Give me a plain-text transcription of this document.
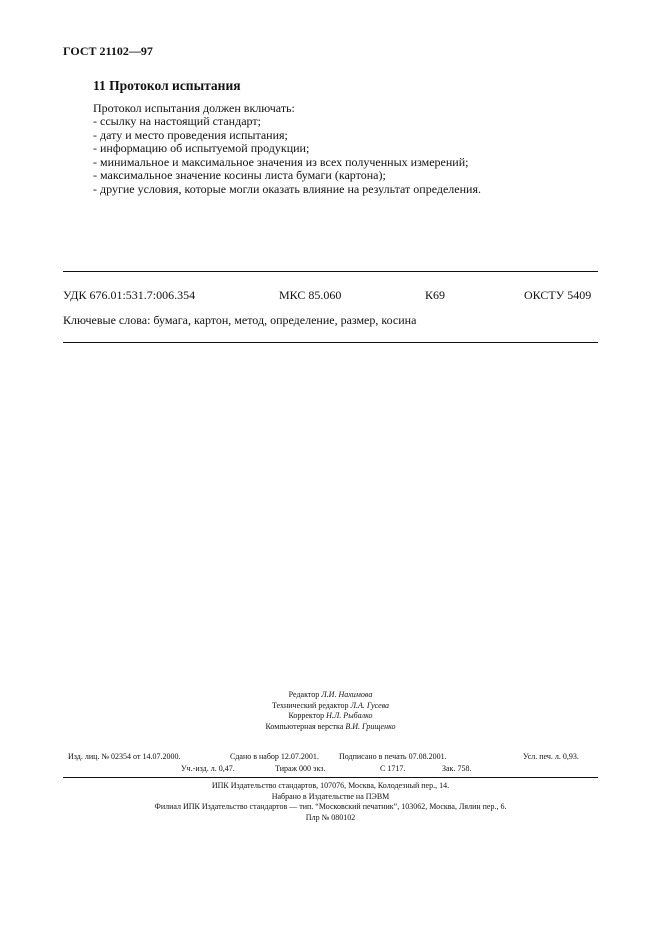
ГОСТ 21102—97
11 Протокол испытания
Протокол испытания должен включать:
- ссылку на настоящий стандарт;
- дату и место проведения испытания;
- информацию об испытуемой продукции;
- минимальное и максимальное значения из всех полученных измерений;
- максимальное значение косины листа бумаги (картона);
- другие условия, которые могли оказать влияние на результат определения.
УДК 676.01:531.7:006.354	МКС 85.060	К69	ОКСТУ 5409
Ключевые слова: бумага, картон, метод, определение, размер, косина
Редактор Л.И. Нахимова
Технический редактор Л.А. Гусева
Корректор Н.Л. Рыбалко
Компьютерная верстка В.И. Грищенко
Изд. лиц. № 02354 от 14.07.2000.	Сдано в набор 12.07.2001.	Подписано в печать 07.08.2001.	Усл. печ. л. 0,93.
Уч.-изд. л. 0,47.	Тираж 000 экз.	С 1717.	Зак. 758.
ИПК Издательство стандартов, 107076, Москва, Колодезный пер., 14.
Набрано в Издательстве на ПЭВМ
Филиал ИПК Издательство стандартов — тип. “Московский печатник”, 103062, Москва, Лялин пер., 6.
Плр № 080102
